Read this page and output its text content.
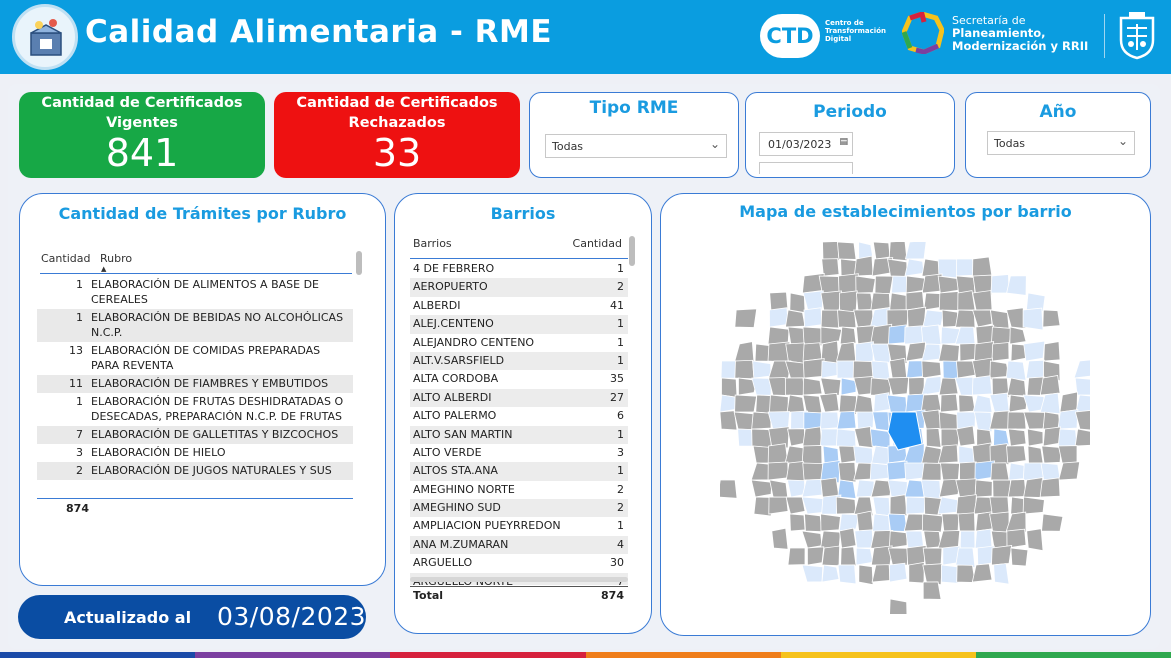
Calidad Alimentaria - RME	CTD
Centro de Transformación Digital
Secretaría de
Planeamiento,
Modernización y RRII
Cantidad de Certificados Vigentes
841
Cantidad de Certificados Rechazados
33
Tipo RME
Todas	⌄
Periodo
01/03/2023 ▤
Año
Todas	⌄
Cantidad de Trámites por Rubro
Cantidad Rubro
▲
1 ELABORACIÓN DE ALIMENTOS A BASE DE CEREALES
1 ELABORACIÓN DE BEBIDAS NO ALCOHÓLICAS N.C.P.
13 ELABORACIÓN DE COMIDAS PREPARADAS PARA REVENTA
11 ELABORACIÓN DE FIAMBRES Y EMBUTIDOS
1 ELABORACIÓN DE FRUTAS DESHIDRATADAS O DESECADAS, PREPARACIÓN N.C.P. DE FRUTAS
7 ELABORACIÓN DE GALLETITAS Y BIZCOCHOS
3 ELABORACIÓN DE HIELO
2 ELABORACIÓN DE JUGOS NATURALES Y SUS
874
Barrios
Barrios	Cantidad
4 DE FEBRERO	1
AEROPUERTO	2
ALBERDI	41
ALEJ.CENTENO	1
ALEJANDRO CENTENO	1
ALT.V.SARSFIELD	1
ALTA CORDOBA	35
ALTO ALBERDI	27
ALTO PALERMO	6
ALTO SAN MARTIN	1
ALTO VERDE	3
ALTOS STA.ANA	1
AMEGHINO NORTE	2
AMEGHINO SUD	2
AMPLIACION PUEYRREDON	1
ANA M.ZUMARAN	4
ARGUELLO	30
Total	874
Mapa de establecimientos por barrio
Actualizado al 03/08/2023
